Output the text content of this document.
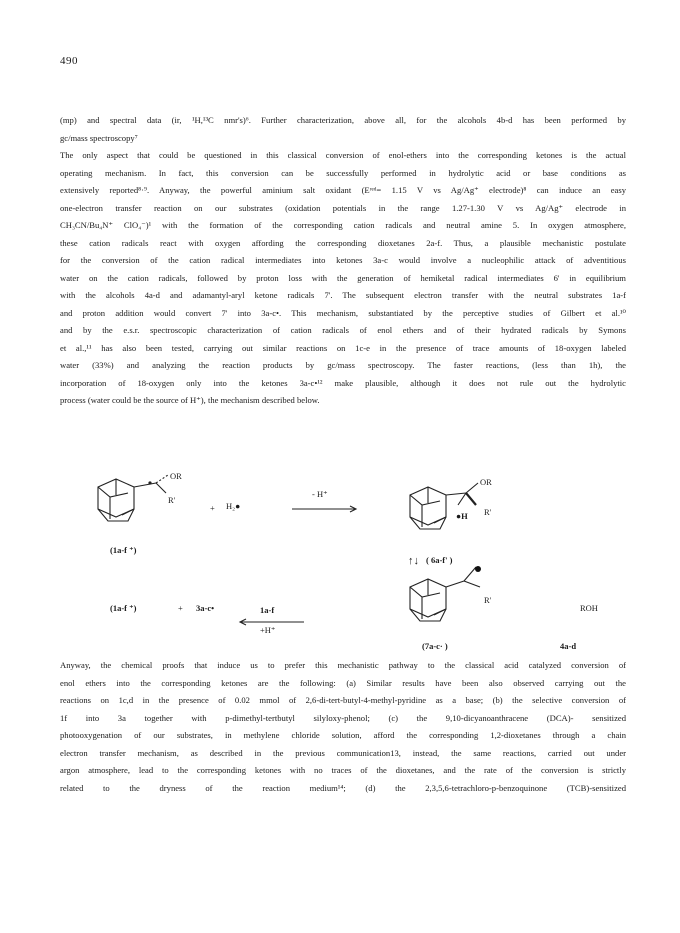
490
(mp) and spectral data (ir, ¹H,¹³C nmr's)⁶. Further characterization, above all, for the alcohols 4b-d has been performed by
gc/mass spectroscopy⁷
The only aspect that could be questioned in this classical conversion of enol-ethers into the corresponding ketones is the actual
operating mechanism. In fact, this conversion can be successfully performed in hydrolytic acid or base conditions as
extensively reported⁸·⁹. Anyway, the powerful aminium salt oxidant (Eʳᵉᵈ= 1.15 V vs Ag/Ag⁺ electrode)⁸ can induce an easy
one-electron transfer reaction on our substrates (oxidation potentials in the range 1.27-1.30 V vs Ag/Ag⁺ electrode in
CH₃CN/Bu₄N⁺ ClO₄⁻)¹ with the formation of the corresponding cation radicals and neutral amine 5. In oxygen atmosphere,
these cation radicals react with oxygen affording the corresponding dioxetanes 2a-f. Thus, a plausible mechanistic postulate
for the conversion of the cation radical intermediates into ketones 3a-c would involve a nucleophilic attack of adventitious
water on the cation radicals, followed by proton loss with the generation of hemiketal radical intermediates 6' in equilibrium
with the alcohols 4a-d and adamantyl-aryl ketone radicals 7'. The subsequent electron transfer with the neutral substrates 1a-f
and proton addition would convert 7' into 3a-c•. This mechanism, substantiated by the perceptive studies of Gilbert et al.¹⁰
and by the e.s.r. spectroscopic characterization of cation radicals of enol ethers and of their hydrated radicals by Symons
et al.,¹¹ has also been tested, carrying out similar reactions on 1c-e in the presence of trace amounts of 18-oxygen labeled
water (33%) and analyzing the reaction products by gc/mass spectroscopy. The faster reactions, (less than 1h), the
incorporation of 18-oxygen only into the ketones 3a-c•¹² make plausible, although it does not rule out the hydrolytic
process (water could be the source of H⁺), the mechanism described below.
OR
R'
+ H₂●
- H⁺
OR
R'
●H
(1a-f ⁺)
↑↓ ( 6a-f' )
(1a-f ⁺)	+ 3a-c•	1a-f
+H⁺
R'
ROH
(7a-c· )	4a-d
Anyway, the chemical proofs that induce us to prefer this mechanistic pathway to the classical acid catalyzed conversion of
enol ethers into the corresponding ketones are the following: (a) Similar results have been also observed carrying out the
reactions on 1c,d in the presence of 0.02 mmol of 2,6-di-tert-butyl-4-methyl-pyridine as a base; (b) the selective conversion of
1f into 3a together with p-dimethyl-tertbutyl silyloxy-phenol; (c) the 9,10-dicyanoanthracene (DCA)- sensitized
photooxygenation of our substrates, in methylene chloride solution, afford the corresponding 1,2-dioxetanes through a chain
electron transfer mechanism, as described in the previous communication13, instead, the same reactions, carried out under
argon atmosphere, lead to the corresponding ketones with no traces of the dioxetanes, and the rate of the conversion is strictly
related to the dryness of the reaction medium¹⁴; (d) the 2,3,5,6-tetrachloro-p-benzoquinone (TCB)-sensitized
